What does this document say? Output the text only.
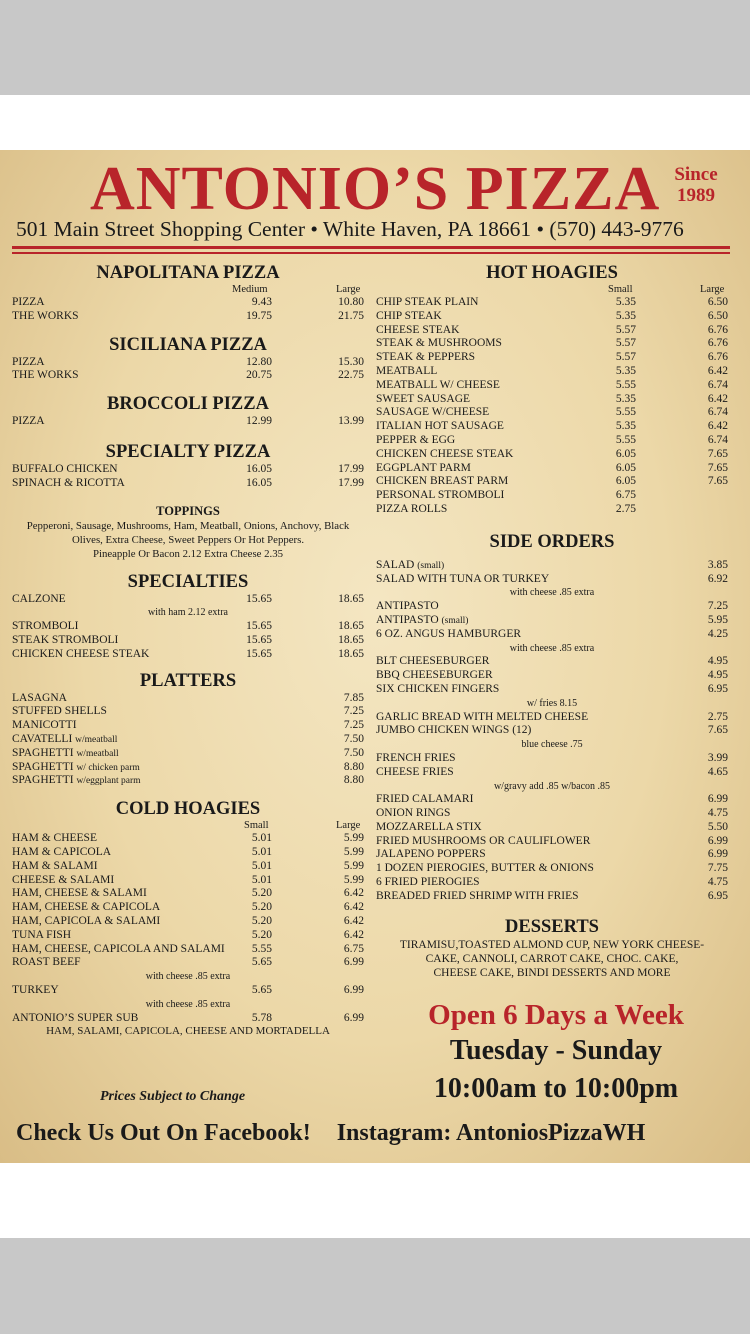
ANTONIO’S PIZZA Since
1989
501 Main Street Shopping Center • White Haven, PA 18661 • (570) 443-9776
NAPOLITANA PIZZA
Medium	Large
PIZZA	9.43	10.80
THE WORKS	19.75	21.75
SICILIANA PIZZA
PIZZA	12.80	15.30
THE WORKS	20.75	22.75
BROCCOLI PIZZA
PIZZA	12.99	13.99
SPECIALTY PIZZA
BUFFALO CHICKEN	16.05	17.99
SPINACH & RICOTTA	16.05	17.99
TOPPINGS
Pepperoni, Sausage, Mushrooms, Ham, Meatball, Onions, Anchovy, Black
Olives, Extra Cheese, Sweet Peppers Or Hot Peppers.
Pineapple Or Bacon 2.12 Extra Cheese 2.35
SPECIALTIES
CALZONE	15.65	18.65
with ham 2.12 extra
STROMBOLI	15.65	18.65
STEAK STROMBOLI	15.65	18.65
CHICKEN CHEESE STEAK	15.65	18.65
PLATTERS
LASAGNA	7.85
STUFFED SHELLS	7.25
MANICOTTI	7.25
CAVATELLI w/meatball	7.50
SPAGHETTI w/meatball	7.50
SPAGHETTI w/ chicken parm	8.80
SPAGHETTI w/eggplant parm	8.80
COLD HOAGIES
Small	Large
HAM & CHEESE	5.01	5.99
HAM & CAPICOLA	5.01	5.99
HAM & SALAMI	5.01	5.99
CHEESE & SALAMI	5.01	5.99
HAM, CHEESE & SALAMI	5.20	6.42
HAM, CHEESE & CAPICOLA	5.20	6.42
HAM, CAPICOLA & SALAMI	5.20	6.42
TUNA FISH	5.20	6.42
HAM, CHEESE, CAPICOLA AND SALAMI 5.55	6.75
ROAST BEEF	5.65	6.99
with cheese .85 extra
TURKEY	5.65	6.99
with cheese .85 extra
ANTONIO’S SUPER SUB	5.78	6.99
HAM, SALAMI, CAPICOLA, CHEESE AND MORTADELLA
Prices Subject to Change
HOT HOAGIES
Small	Large
CHIP STEAK PLAIN	5.35	6.50
CHIP STEAK	5.35	6.50
CHEESE STEAK	5.57	6.76
STEAK & MUSHROOMS	5.57	6.76
STEAK & PEPPERS	5.57	6.76
MEATBALL	5.35	6.42
MEATBALL W/ CHEESE	5.55	6.74
SWEET SAUSAGE	5.35	6.42
SAUSAGE W/CHEESE	5.55	6.74
ITALIAN HOT SAUSAGE	5.35	6.42
PEPPER & EGG	5.55	6.74
CHICKEN CHEESE STEAK	6.05	7.65
EGGPLANT PARM	6.05	7.65
CHICKEN BREAST PARM	6.05	7.65
PERSONAL STROMBOLI	6.75
PIZZA ROLLS	2.75
SIDE ORDERS
SALAD (small)	3.85
SALAD WITH TUNA OR TURKEY	6.92
with cheese .85 extra
ANTIPASTO	7.25
ANTIPASTO (small)	5.95
6 OZ. ANGUS HAMBURGER	4.25
with cheese .85 extra
BLT CHEESEBURGER	4.95
BBQ CHEESEBURGER	4.95
SIX CHICKEN FINGERS	6.95
w/ fries 8.15
GARLIC BREAD WITH MELTED CHEESE	2.75
JUMBO CHICKEN WINGS (12)	7.65
blue cheese .75
FRENCH FRIES	3.99
CHEESE FRIES	4.65
w/gravy add .85 w/bacon .85
FRIED CALAMARI	6.99
ONION RINGS	4.75
MOZZARELLA STIX	5.50
FRIED MUSHROOMS OR CAULIFLOWER	6.99
JALAPENO POPPERS	6.99
1 DOZEN PIEROGIES, BUTTER & ONIONS	7.75
6 FRIED PIEROGIES	4.75
BREADED FRIED SHRIMP WITH FRIES	6.95
DESSERTS
TIRAMISU,TOASTED ALMOND CUP, NEW YORK CHEESE-
CAKE, CANNOLI, CARROT CAKE, CHOC. CAKE,
CHEESE CAKE, BINDI DESSERTS AND MORE
Open 6 Days a Week
Tuesday - Sunday
10:00am to 10:00pm
Check Us Out On Facebook! Instagram: AntoniosPizzaWH
